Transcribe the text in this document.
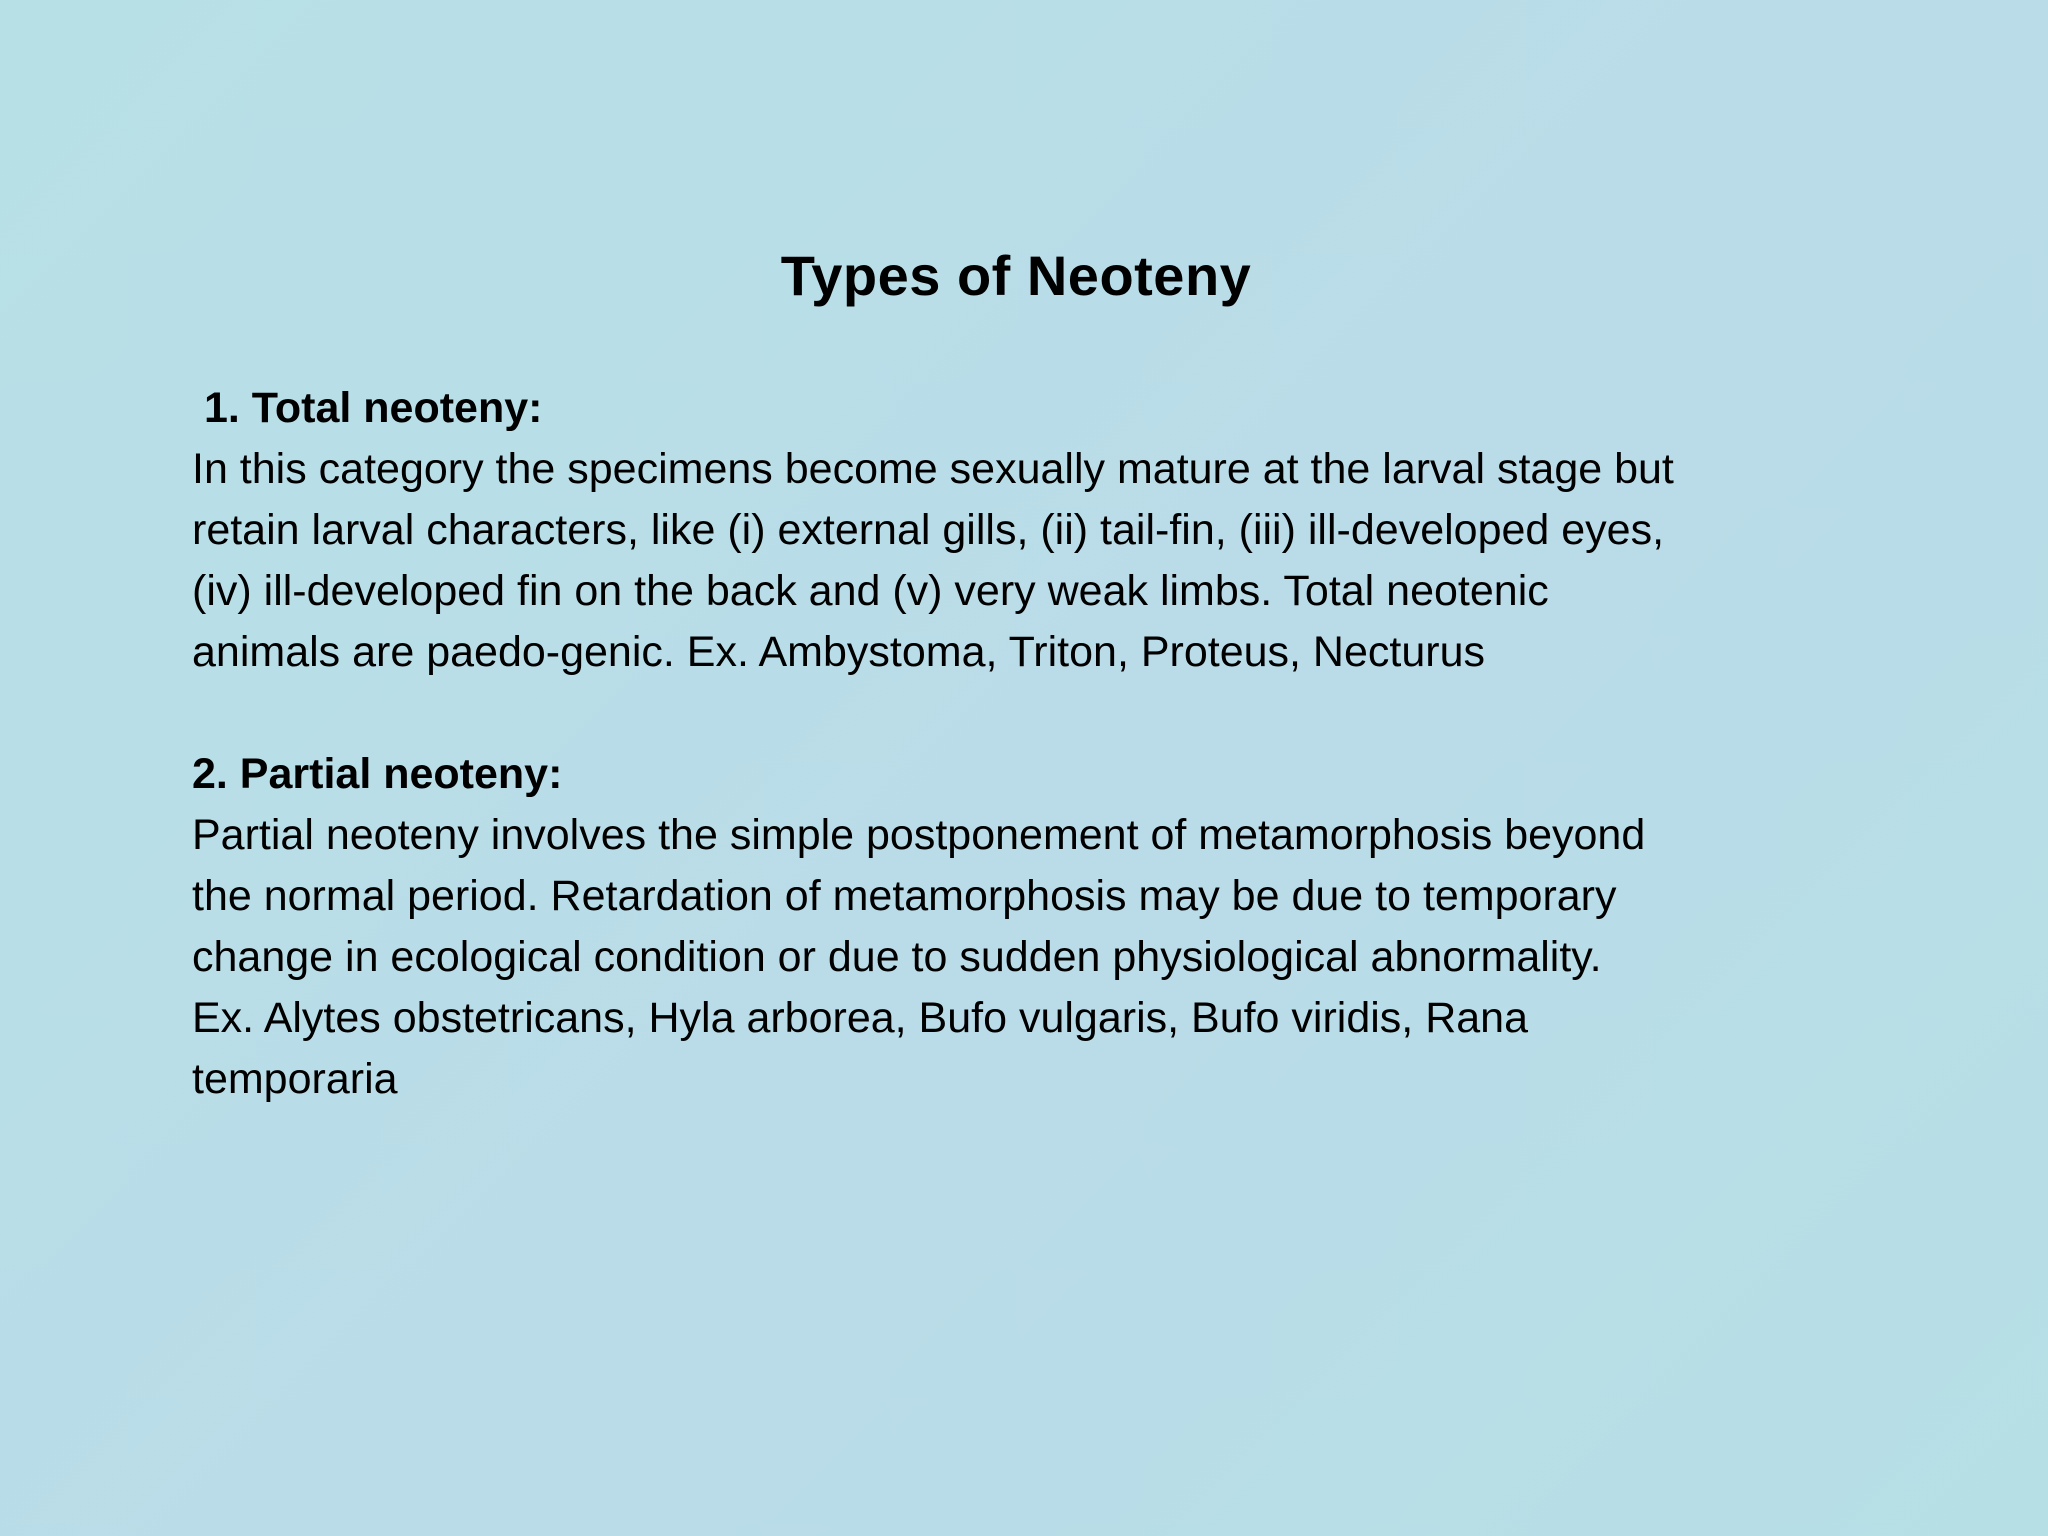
Types of Neoteny
1. Total neoteny:
In this category the specimens become sexually mature at the larval stage but
retain larval characters, like (i) external gills, (ii) tail-fin, (iii) ill-developed eyes,
(iv) ill-developed fin on the back and (v) very weak limbs. Total neotenic
animals are paedo-genic. Ex. Ambystoma, Triton, Proteus, Necturus
2. Partial neoteny:
Partial neoteny involves the simple postponement of metamorphosis beyond
the normal period. Retardation of metamorphosis may be due to temporary
change in ecological condition or due to sudden physiological abnormality.
Ex. Alytes obstetricans, Hyla arborea, Bufo vulgaris, Bufo viridis, Rana
temporaria
